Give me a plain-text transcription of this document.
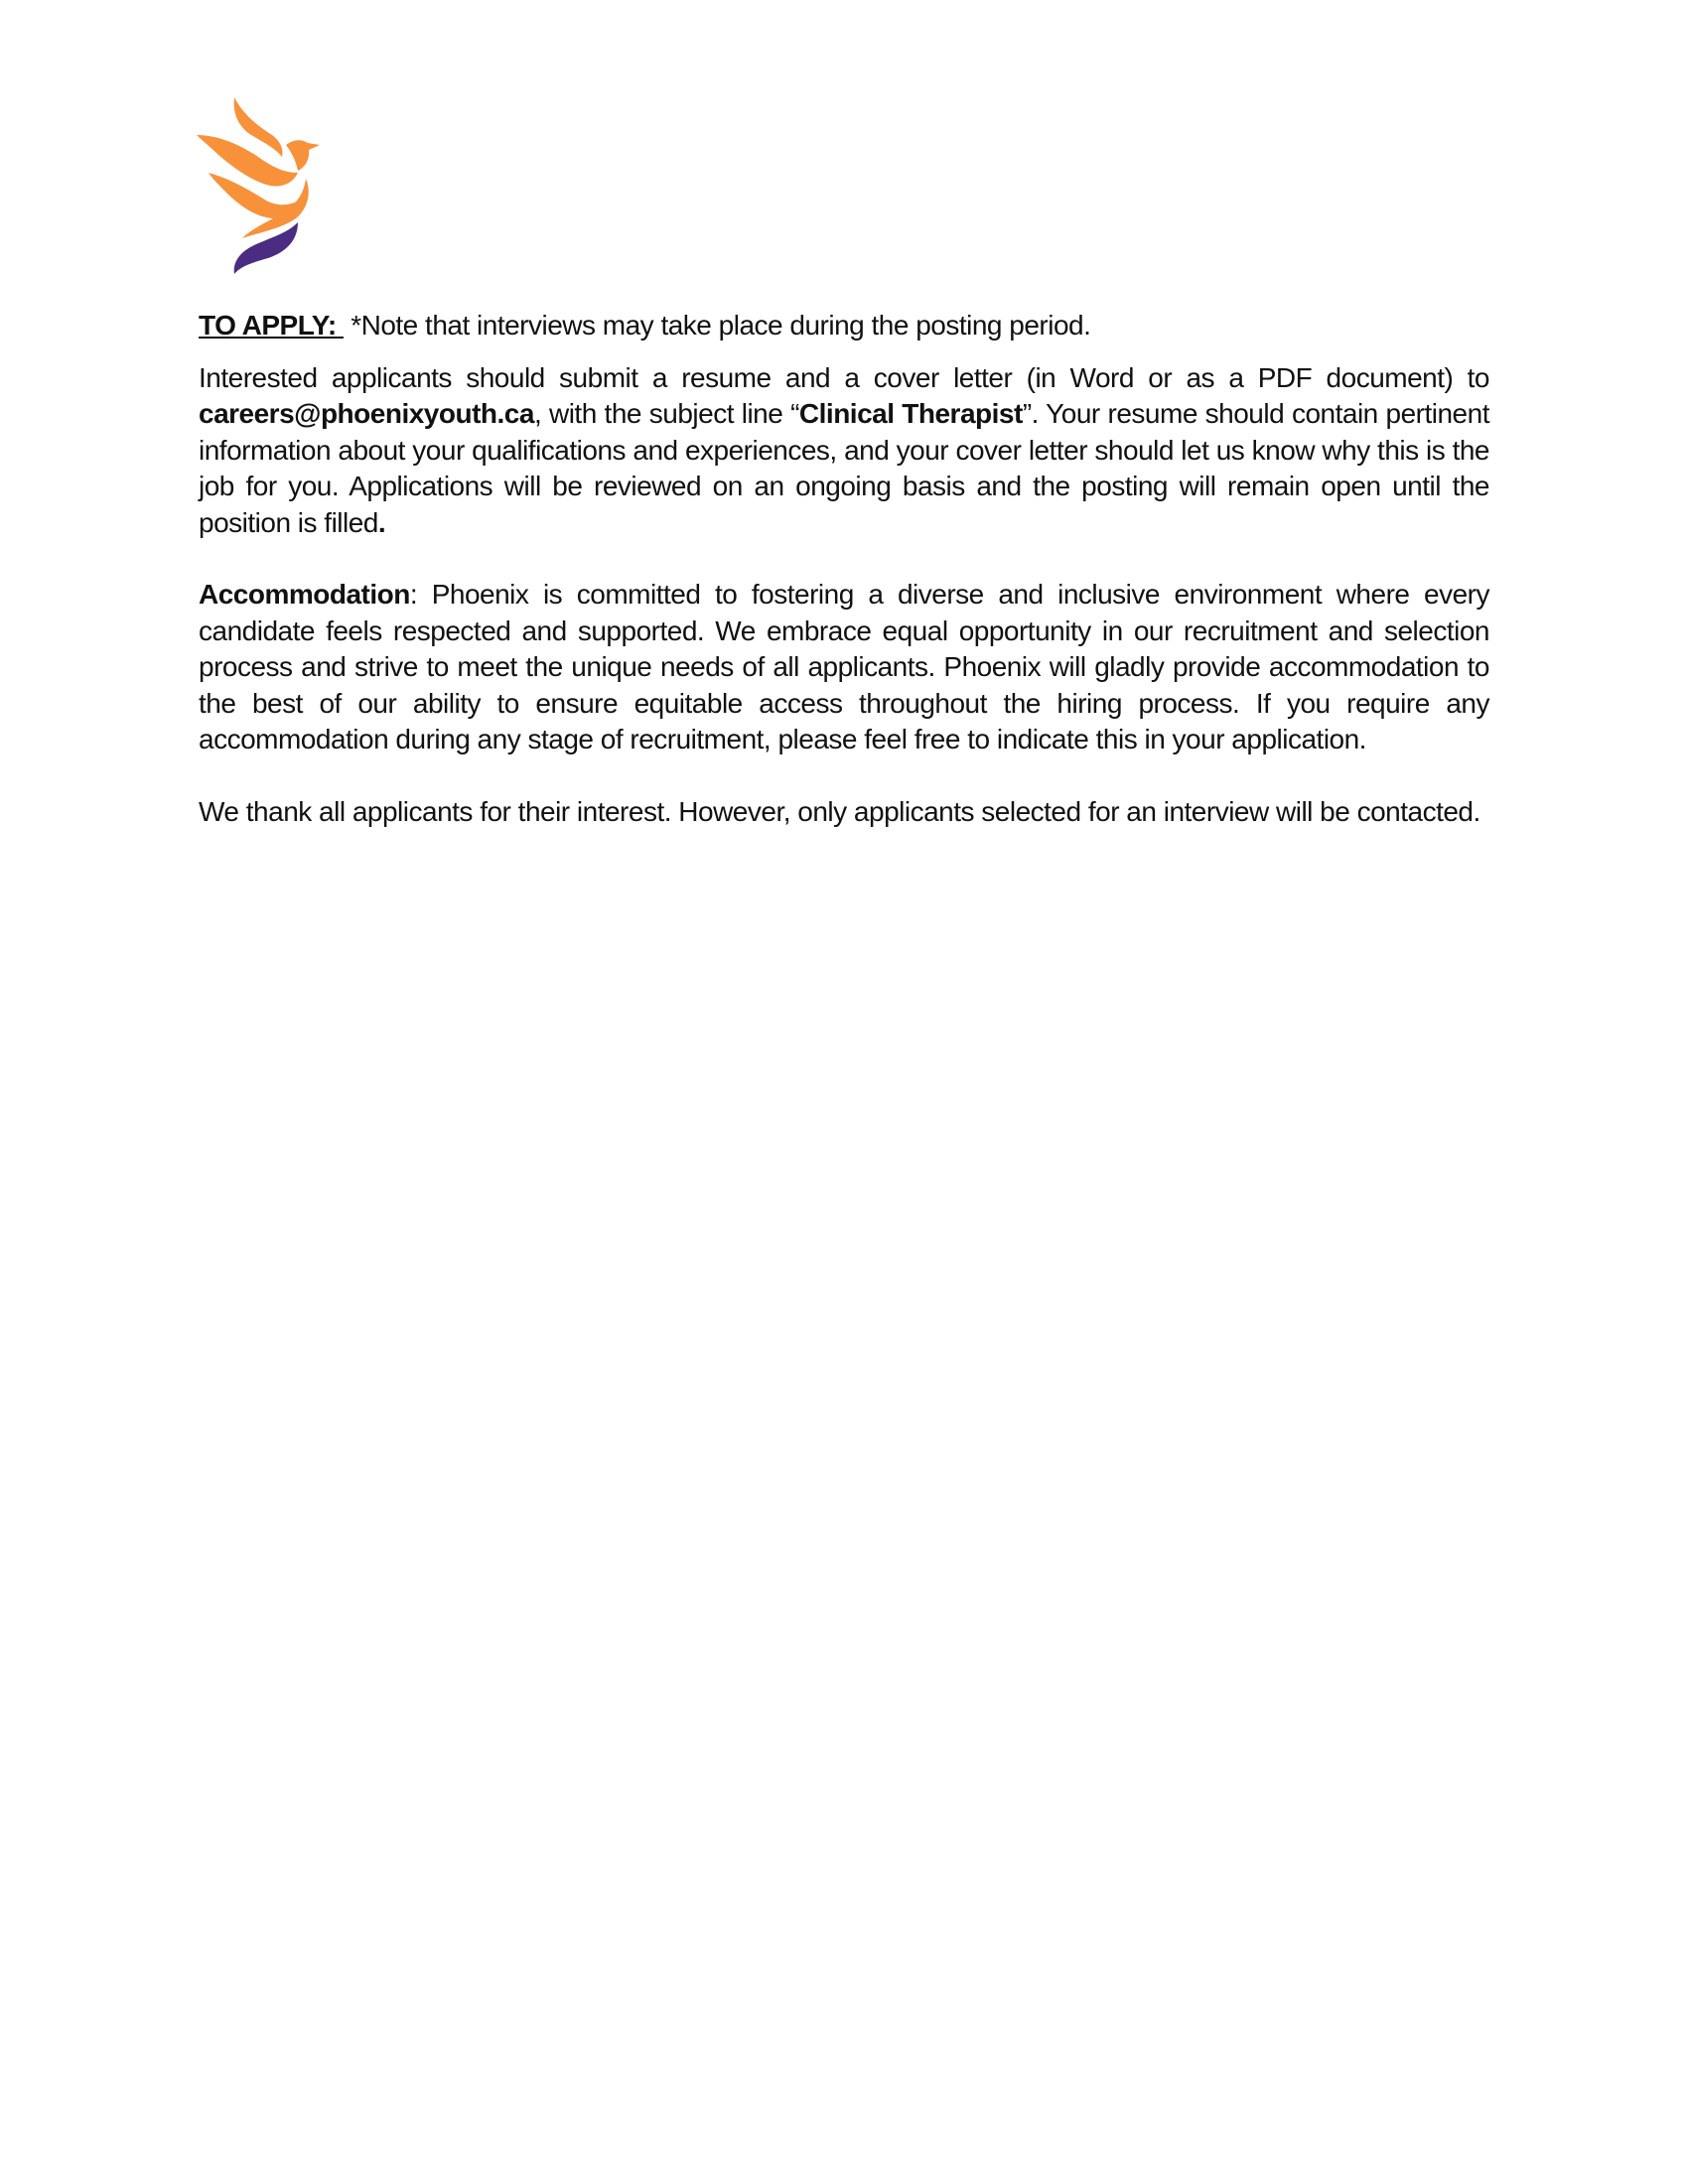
TO APPLY:  *Note that interviews may take place during the posting period.

Interested applicants should submit a resume and a cover letter (in Word or as a PDF document) to careers@phoenixyouth.ca, with the subject line “Clinical Therapist”. Your resume should contain pertinent information about your qualifications and experiences, and your cover letter should let us know why this is the job for you. Applications will be reviewed on an ongoing basis and the posting will remain open until the position is filled.

Accommodation: Phoenix is committed to fostering a diverse and inclusive environment where every candidate feels respected and supported. We embrace equal opportunity in our recruitment and selection process and strive to meet the unique needs of all applicants. Phoenix will gladly provide accommodation to the best of our ability to ensure equitable access throughout the hiring process. If you require any accommodation during any stage of recruitment, please feel free to indicate this in your application.

We thank all applicants for their interest. However, only applicants selected for an interview will be contacted.
